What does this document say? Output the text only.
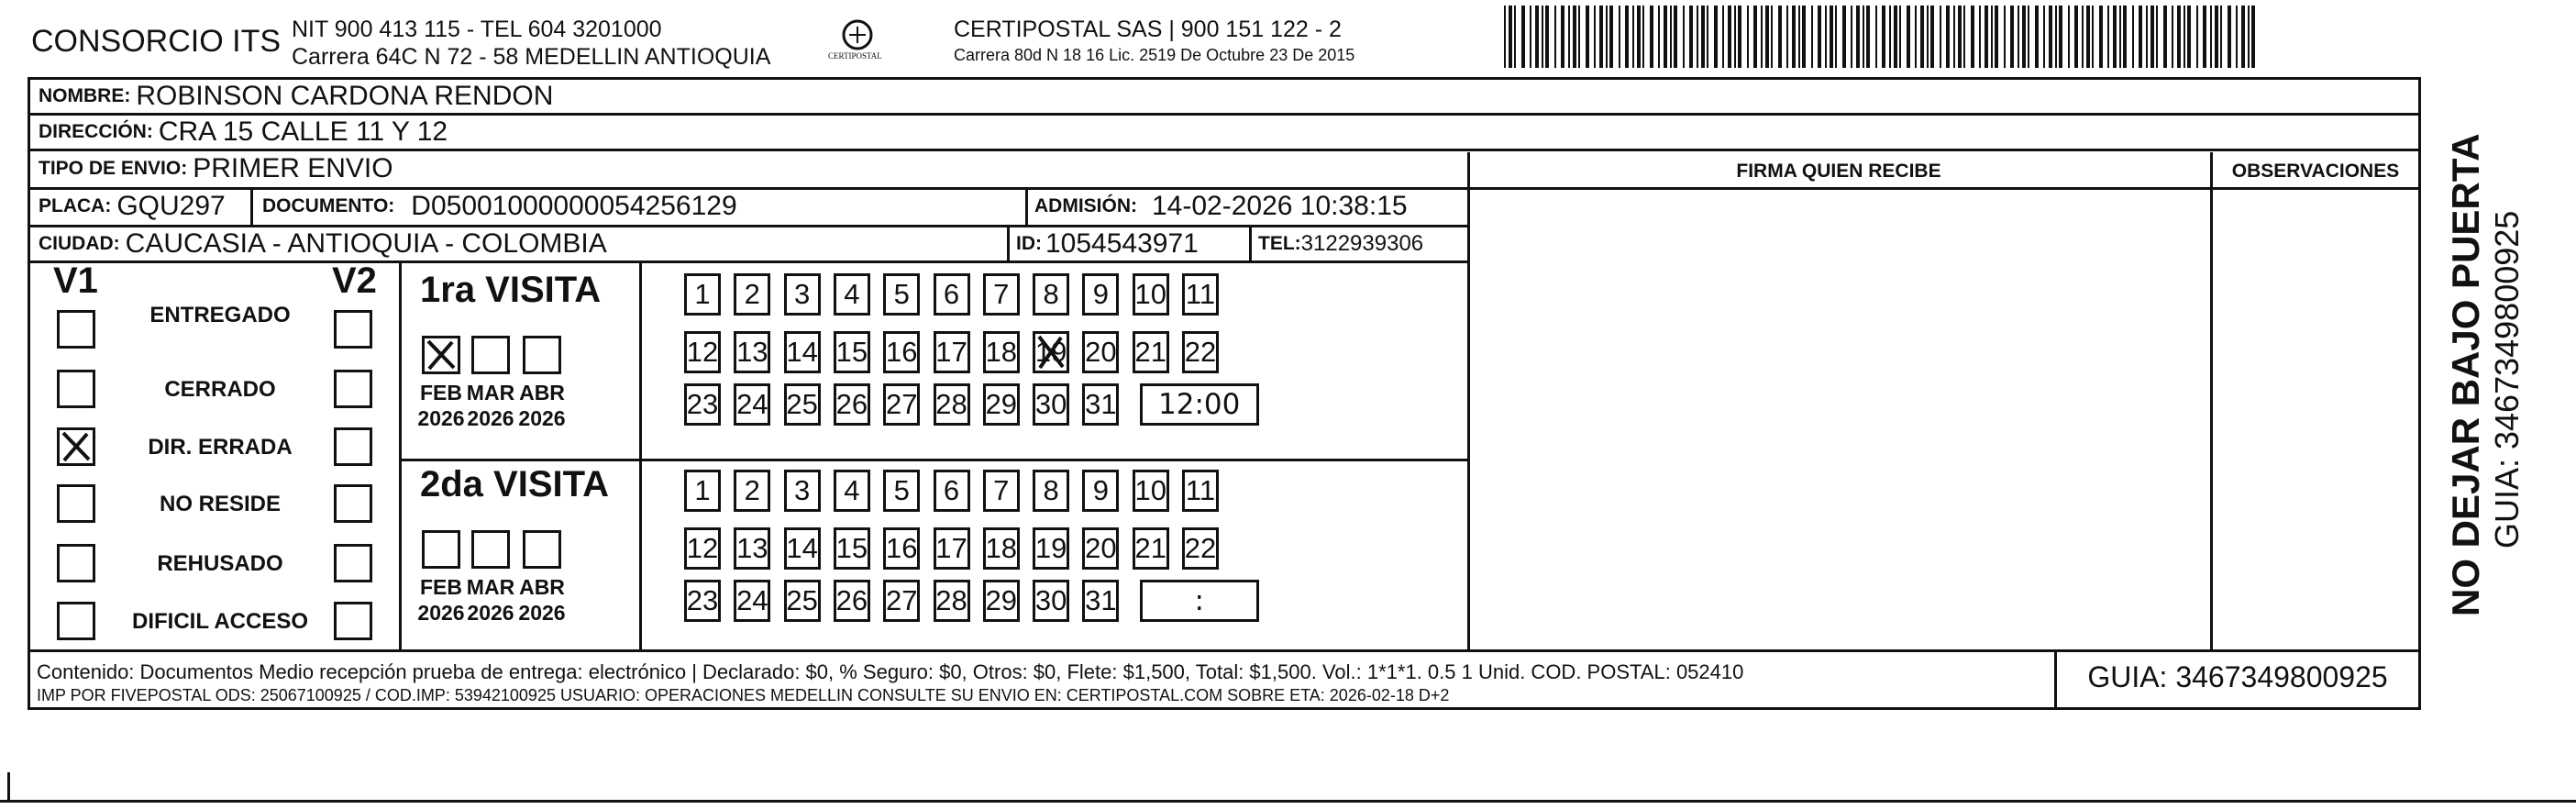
CONSORCIO ITS NIT 900 413 115 - TEL 604 3201000
Carrera 64C N 72 - 58 MEDELLIN ANTIOQUIA	CERTIPOSTAL
CERTIPOSTAL SAS | 900 151 122 - 2
Carrera 80d N 18 16 Lic. 2519 De Octubre 23 De 2015
NOMBRE: ROBINSON CARDONA RENDON
DIRECCIÓN: CRA 15 CALLE 11 Y 12
TIPO DE ENVIO: PRIMER ENVIO
PLACA: GQU297 DOCUMENTO: D05001000000054256129	ADMISIÓN: 14-02-2026 10:38:15
CIUDAD: CAUCASIA - ANTIOQUIA - COLOMBIA	ID: 1054543971	TEL: 3122939306
FIRMA QUIEN RECIBE	OBSERVACIONES
V1	V2 1ra VISITA
2da VISITA
Contenido: Documentos Medio recepción prueba de entrega: electrónico | Declarado: $0, % Seguro: $0, Otros: $0, Flete: $1,500, Total: $1,500. Vol.: 1*1*1. 0.5 1 Unid. COD. POSTAL: 052410
IMP POR FIVEPOSTAL ODS: 25067100925 / COD.IMP: 53942100925 USUARIO: OPERACIONES MEDELLIN CONSULTE SU ENVIO EN: CERTIPOSTAL.COM SOBRE ETA: 2026-02-18 D+2
GUIA: 3467349800925
NO DEJAR BAJO PUERTA GUIA: 3467349800925
ENTREGADO
CERRADO
DIR. ERRADA
NO RESIDE
REHUSADO
DIFICIL ACCESO
FEB
2026
MAR
2026
ABR
2026
FEB
2026
MAR
2026
ABR
2026
1	2	3	4	5	6	7	8	9 10 11
12 13 14 15 16 17 18 19 20 21 22
23 24 25 26 27 28 29 30 31	12:00
1	2	3	4	5	6	7	8	9 10 11
12 13 14 15 16 17 18 19 20 21 22
23 24 25 26 27 28 29 30 31	:
